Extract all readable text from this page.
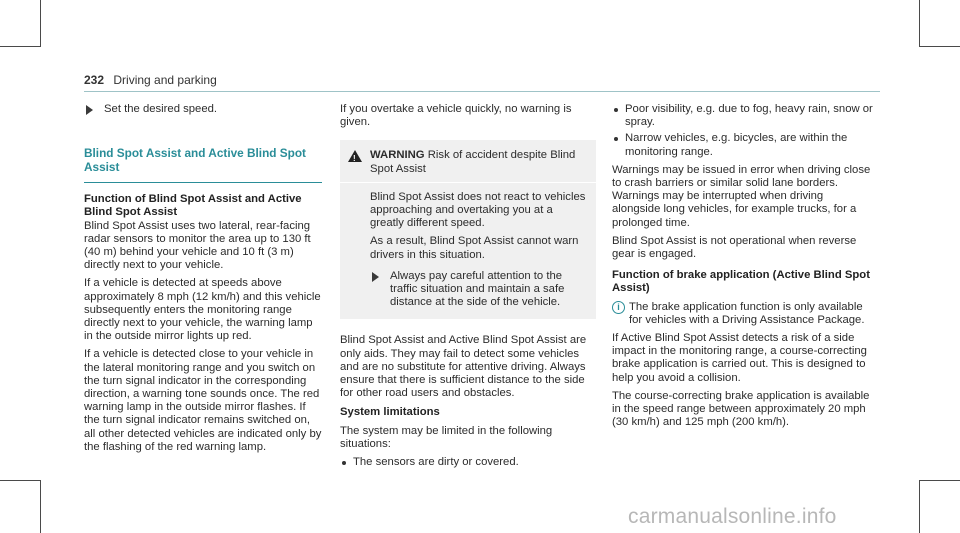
232 Driving and parking
Set the desired speed.
Blind Spot Assist and Active Blind Spot Assist

Function of Blind Spot Assist and Active Blind Spot Assist

Blind Spot Assist uses two lateral, rear-facing radar sensors to monitor the area up to 130 ft (40 m) behind your vehicle and 10 ft (3 m) directly next to your vehicle.

If a vehicle is detected at speeds above approximately 8 mph (12 km/h) and this vehicle subsequently enters the monitoring range directly next to your vehicle, the warning lamp in the outside mirror lights up red.

If a vehicle is detected close to your vehicle in the lateral monitoring range and you switch on the turn signal indicator in the corresponding direction, a warning tone sounds once. The red warning lamp in the outside mirror flashes. If the turn signal indicator remains switched on, all other detected vehicles are indicated only by the flashing of the red warning lamp.

If you overtake a vehicle quickly, no warning is given.

! WARNING Risk of accident despite Blind Spot Assist

Blind Spot Assist does not react to vehicles approaching and overtaking you at a greatly different speed.

As a result, Blind Spot Assist cannot warn drivers in this situation.

Always pay careful attention to the traffic situation and maintain a safe distance at the side of the vehicle.

Blind Spot Assist and Active Blind Spot Assist are only aids. They may fail to detect some vehicles and are no substitute for attentive driving. Always ensure that there is sufficient distance to the side for other road users and obstacles.

System limitations

The system may be limited in the following situations:

The sensors are dirty or covered.
Poor visibility, e.g. due to fog, heavy rain, snow or spray.
Narrow vehicles, e.g. bicycles, are within the monitoring range.

Warnings may be issued in error when driving close to crash barriers or similar solid lane borders. Warnings may be interrupted when driving alongside long vehicles, for example trucks, for a prolonged time.

Blind Spot Assist is not operational when reverse gear is engaged.

Function of brake application (Active Blind Spot Assist)

i The brake application function is only available for vehicles with a Driving Assistance Package.

If Active Blind Spot Assist detects a risk of a side impact in the monitoring range, a course-correcting brake application is carried out. This is designed to help you avoid a collision.

The course-correcting brake application is available in the speed range between approximately 20 mph (30 km/h) and 125 mph (200 km/h).

carmanualsonline.info
